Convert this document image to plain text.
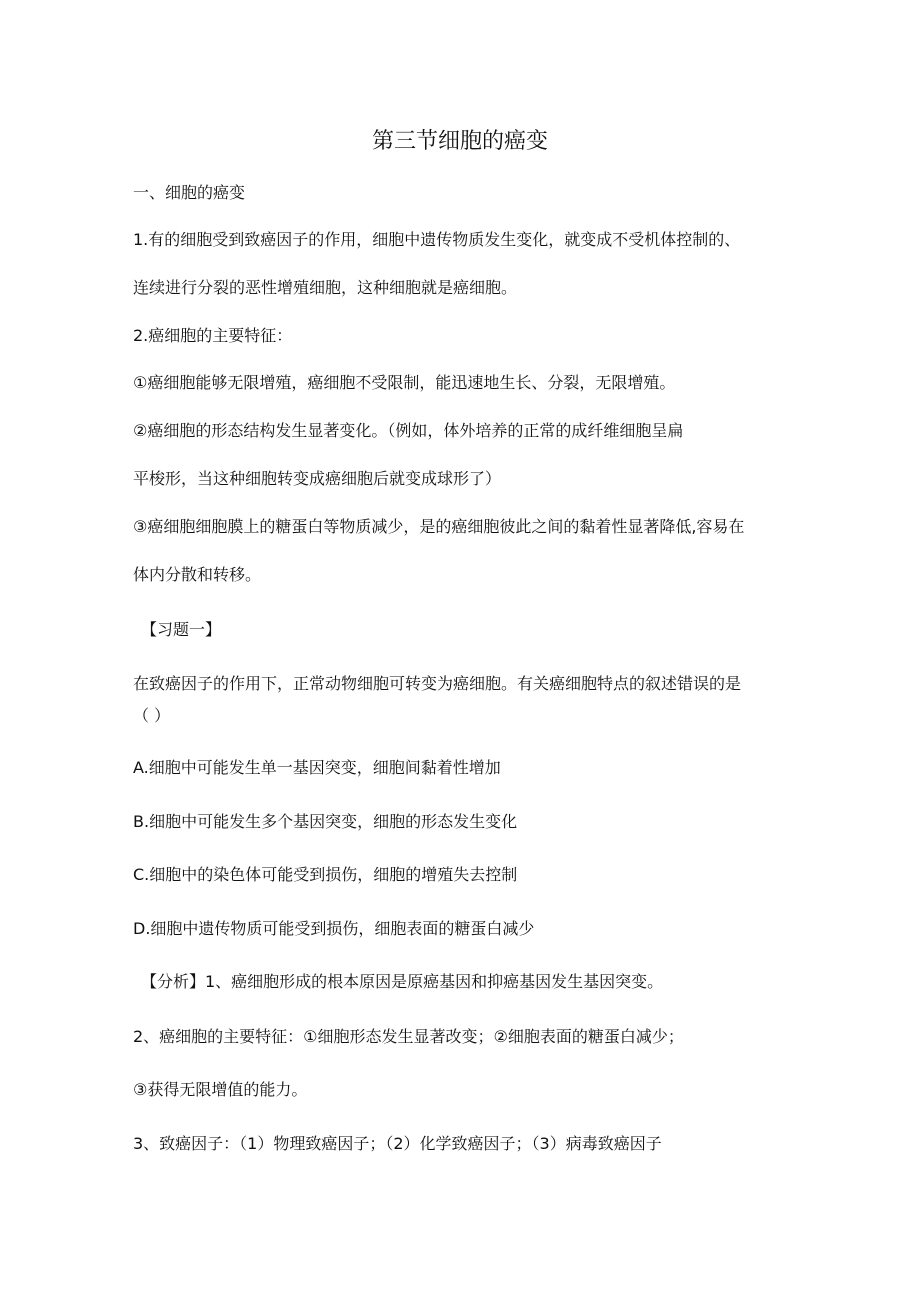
第三节细胞的癌变

一、细胞的癌变

1.有的细胞受到致癌因子的作用，细胞中遗传物质发生变化，就变成不受机体控制的、

连续进行分裂的恶性增殖细胞，这种细胞就是癌细胞。

2.癌细胞的主要特征：

①癌细胞能够无限增殖，癌细胞不受限制，能迅速地生长、分裂，无限增殖。

②癌细胞的形态结构发生显著变化。（例如，体外培养的正常的成纤维细胞呈扁

平梭形，当这种细胞转变成癌细胞后就变成球形了）

③癌细胞细胞膜上的糖蛋白等物质减少，是的癌细胞彼此之间的黏着性显著降低,容易在

体内分散和转移。

【习题一】

在致癌因子的作用下，正常动物细胞可转变为癌细胞。有关癌细胞特点的叙述错误的是

（ ）

A.细胞中可能发生单一基因突变，细胞间黏着性增加

B.细胞中可能发生多个基因突变，细胞的形态发生变化

C.细胞中的染色体可能受到损伤，细胞的增殖失去控制

D.细胞中遗传物质可能受到损伤，细胞表面的糖蛋白减少

【分析】1、癌细胞形成的根本原因是原癌基因和抑癌基因发生基因突变。

2、癌细胞的主要特征：①细胞形态发生显著改变；②细胞表面的糖蛋白减少；

③获得无限增值的能力。

3、致癌因子：（1）物理致癌因子；（2）化学致癌因子；（3）病毒致癌因子
